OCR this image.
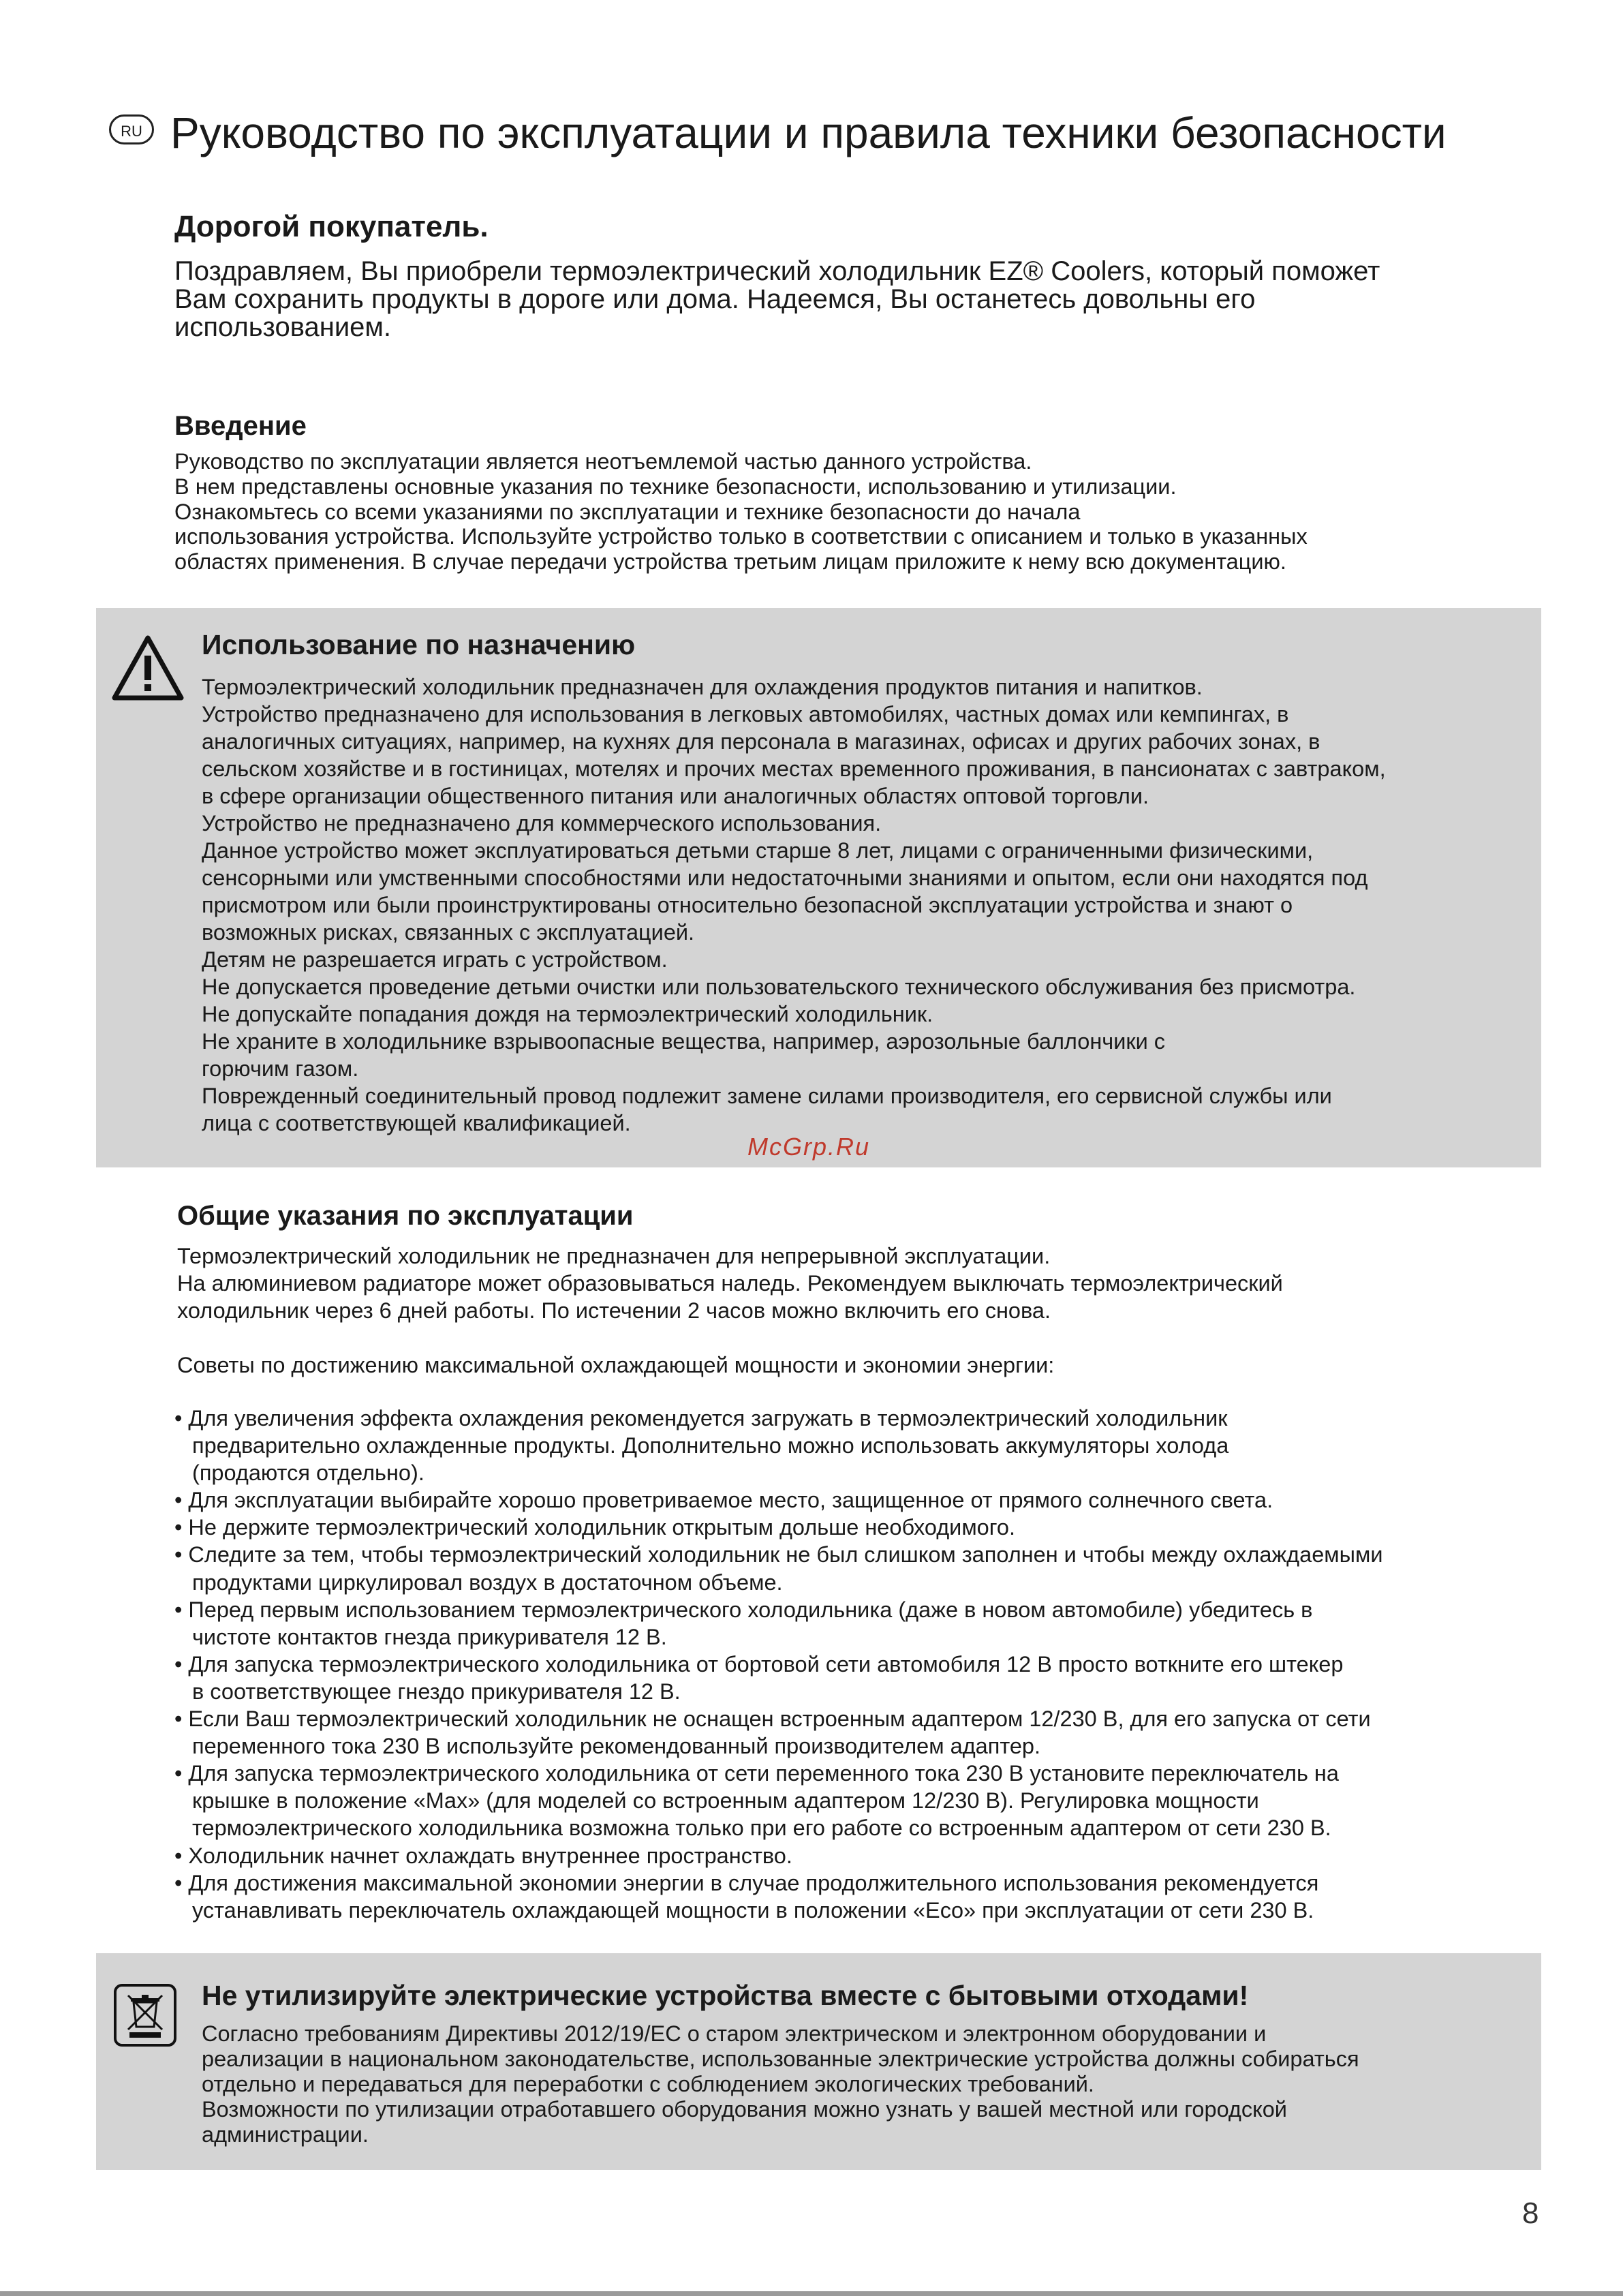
RU Руководство по эксплуатации и правила техники безопасности
Дорогой покупатель.
Поздравляем, Вы приобрели термоэлектрический холодильник EZ® Coolers, который поможет
Вам сохранить продукты в дороге или дома. Надеемся, Вы останетесь довольны его
использованием.
Введение
Руководство по эксплуатации является неотъемлемой частью данного устройства.
В нем представлены основные указания по технике безопасности, использованию и утилизации.
Ознакомьтесь со всеми указаниями по эксплуатации и технике безопасности до начала
использования устройства. Используйте устройство только в соответствии с описанием и только в указанных
областях применения. В случае передачи устройства третьим лицам приложите к нему всю документацию.
Использование по назначению
Термоэлектрический холодильник предназначен для охлаждения продуктов питания и напитков.
Устройство предназначено для использования в легковых автомобилях, частных домах или кемпингах, в
аналогичных ситуациях, например, на кухнях для персонала в магазинах, офисах и других рабочих зонах, в
сельском хозяйстве и в гостиницах, мотелях и прочих местах временного проживания, в пансионатах с завтраком,
в сфере организации общественного питания или аналогичных областях оптовой торговли.
Устройство не предназначено для коммерческого использования.
Данное устройство может эксплуатироваться детьми старше 8 лет, лицами с ограниченными физическими,
сенсорными или умственными способностями или недостаточными знаниями и опытом, если они находятся под
присмотром или были проинструктированы относительно безопасной эксплуатации устройства и знают о
возможных рисках, связанных с эксплуатацией.
Детям не разрешается играть с устройством.
Не допускается проведение детьми очистки или пользовательского технического обслуживания без присмотра.
Не допускайте попадания дождя на термоэлектрический холодильник.
Не храните в холодильнике взрывоопасные вещества, например, аэрозольные баллончики с
горючим газом.
Поврежденный соединительный провод подлежит замене силами производителя, его сервисной службы или
лица с соответствующей квалификацией.
McGrp.Ru
Общие указания по эксплуатации
Термоэлектрический холодильник не предназначен для непрерывной эксплуатации.
На алюминиевом радиаторе может образовываться наледь. Рекомендуем выключать термоэлектрический
холодильник через 6 дней работы. По истечении 2 часов можно включить его снова.

Советы по достижению максимальной охлаждающей мощности и экономии энергии:
• Для увеличения эффекта охлаждения рекомендуется загружать в термоэлектрический холодильник
предварительно охлажденные продукты. Дополнительно можно использовать аккумуляторы холода
(продаются отдельно).
• Для эксплуатации выбирайте хорошо проветриваемое место, защищенное от прямого солнечного света.
• Не держите термоэлектрический холодильник открытым дольше необходимого.
• Следите за тем, чтобы термоэлектрический холодильник не был слишком заполнен и чтобы между охлаждаемыми
продуктами циркулировал воздух в достаточном объеме.
• Перед первым использованием термоэлектрического холодильника (даже в новом автомобиле) убедитесь в
чистоте контактов гнезда прикуривателя 12 В.
• Для запуска термоэлектрического холодильника от бортовой сети автомобиля 12 В просто воткните его штекер
в соответствующее гнездо прикуривателя 12 В.
• Если Ваш термоэлектрический холодильник не оснащен встроенным адаптером 12/230 В, для его запуска от сети
переменного тока 230 В используйте рекомендованный производителем адаптер.
• Для запуска термоэлектрического холодильника от сети переменного тока 230 В установите переключатель на
крышке в положение «Max» (для моделей со встроенным адаптером 12/230 В). Регулировка мощности
термоэлектрического холодильника возможна только при его работе со встроенным адаптером от сети 230 В.
• Холодильник начнет охлаждать внутреннее пространство.
• Для достижения максимальной экономии энергии в случае продолжительного использования рекомендуется
устанавливать переключатель охлаждающей мощности в положении «Eco» при эксплуатации от сети 230 В.
Не утилизируйте электрические устройства вместе с бытовыми отходами!
Согласно требованиям Директивы 2012/19/ЕС о старом электрическом и электронном оборудовании и
реализации в национальном законодательстве, использованные электрические устройства должны собираться
отдельно и передаваться для переработки с соблюдением экологических требований.
Возможности по утилизации отработавшего оборудования можно узнать у вашей местной или городской
администрации.
8
